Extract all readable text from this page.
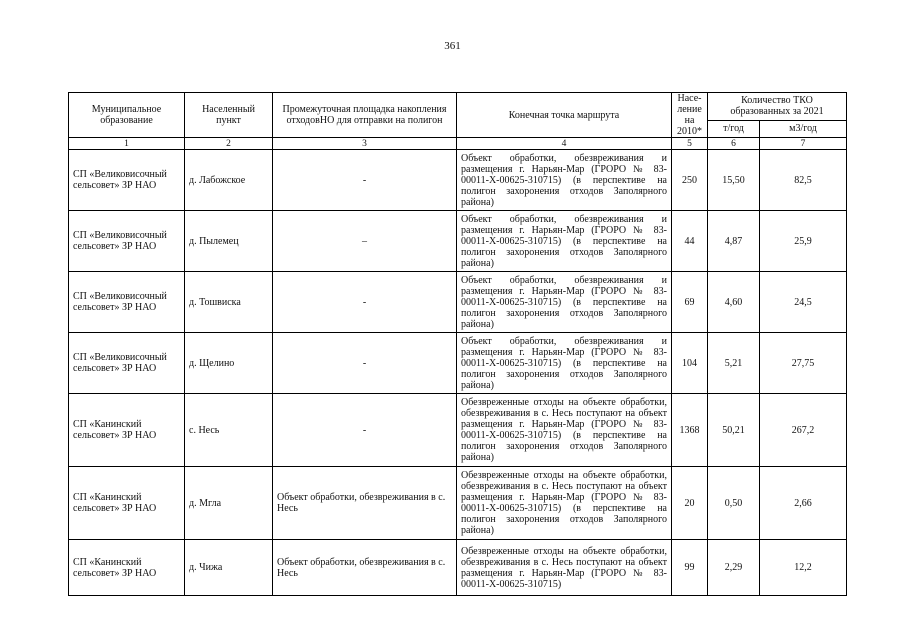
361
Муниципальное образование	Населенный пункт	Промежуточная площадка накопления отходовНО для отправки на полигон	Конечная точка маршрута	Насе-ление на 2010*	Количество ТКО образованных за 2021	
					т/год	м3/год
1	2	3	4	5	6	7
СП «Великовисочный сельсовет» ЗР НАО	д. Лабожское	-	Объект обработки, обезвреживания и размещения г. Нарьян-Мар (ГРОРО № 83-00011-Х-00625-310715) (в перспективе на полигон захоронения отходов Заполярного района)	250	15,50	82,5
СП «Великовисочный сельсовет» ЗР НАО	д. Пылемец	–	Объект обработки, обезвреживания и размещения г. Нарьян-Мар (ГРОРО № 83-00011-Х-00625-310715) (в перспективе на полигон захоронения отходов Заполярного района)	44	4,87	25,9
СП «Великовисочный сельсовет» ЗР НАО	д. Тошвиска	-	Объект обработки, обезвреживания и размещения г. Нарьян-Мар (ГРОРО № 83-00011-Х-00625-310715) (в перспективе на полигон захоронения отходов Заполярного района)	69	4,60	24,5
СП «Великовисочный сельсовет» ЗР НАО	д. Щелино	-	Объект обработки, обезвреживания и размещения г. Нарьян-Мар (ГРОРО № 83-00011-Х-00625-310715) (в перспективе на полигон захоронения отходов Заполярного района)	104	5,21	27,75
СП «Канинский сельсовет» ЗР НАО	с. Несь	-	Обезвреженные отходы на объекте обработки, обезвреживания в с. Несь поступают на объект размещения г. Нарьян-Мар (ГРОРО № 83-00011-Х-00625-310715) (в перспективе на полигон захоронения отходов Заполярного района)	1368	50,21	267,2
СП «Канинский сельсовет» ЗР НАО	д. Мгла	Объект обработки, обезвреживания в с. Несь	Обезвреженные отходы на объекте обработки, обезвреживания в с. Несь поступают на объект размещения г. Нарьян-Мар (ГРОРО № 83-00011-Х-00625-310715) (в перспективе на полигон захоронения отходов Заполярного района)	20	0,50	2,66
СП «Канинский сельсовет» ЗР НАО	д. Чижа	Объект обработки, обезвреживания в с. Несь	Обезвреженные отходы на объекте обработки, обезвреживания в с. Несь поступают на объект размещения г. Нарьян-Мар (ГРОРО № 83-00011-Х-00625-310715)	99	2,29	12,2
